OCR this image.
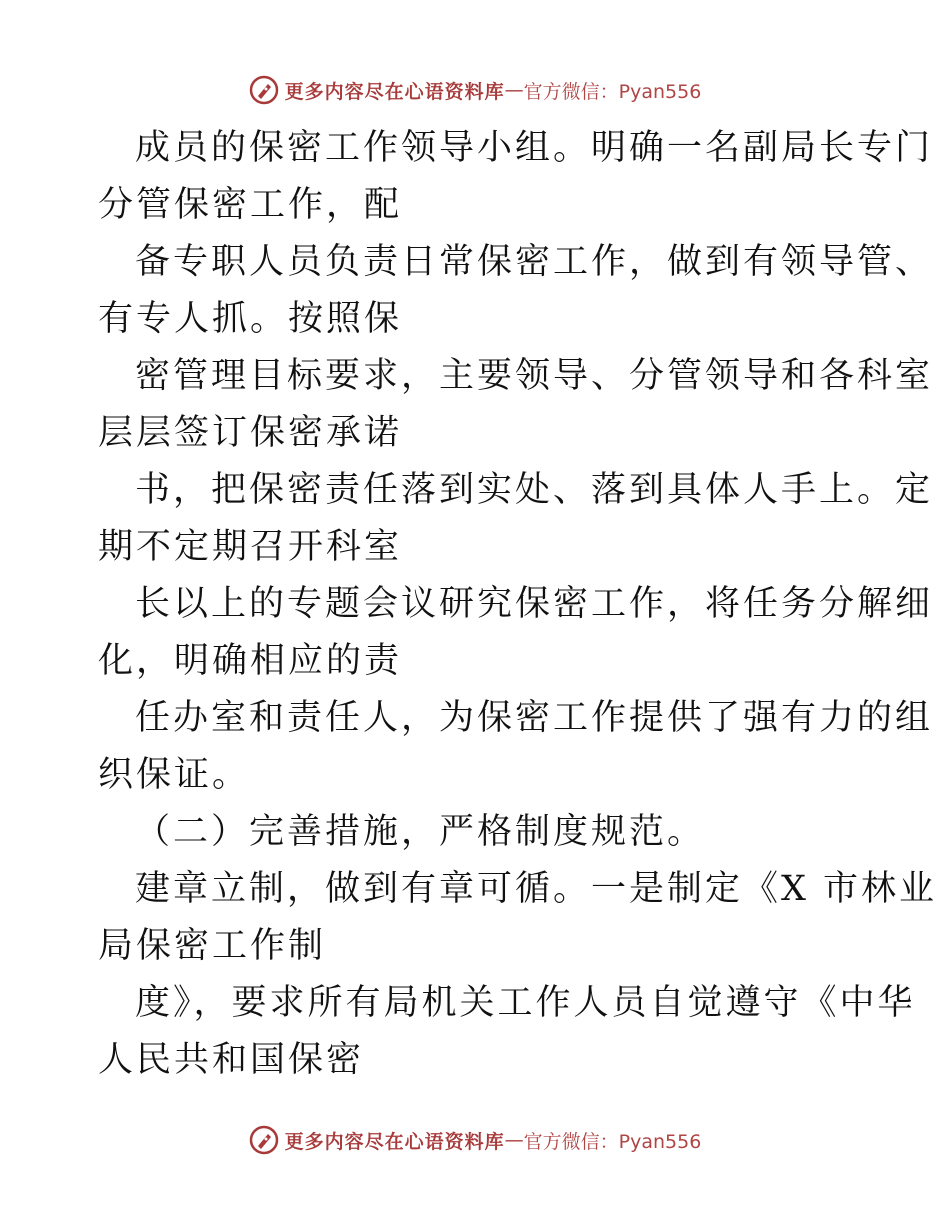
更多内容尽在心语资料库 — 官方微信：Pyan556
成员的保密工作领导小组。明确一名副局长专门
分管保密工作，配
备专职人员负责日常保密工作，做到有领导管、
有专人抓。按照保
密管理目标要求，主要领导、分管领导和各科室
层层签订保密承诺
书，把保密责任落到实处、落到具体人手上。定
期不定期召开科室
长以上的专题会议研究保密工作，将任务分解细
化，明确相应的责
任办室和责任人，为保密工作提供了强有力的组
织保证。
（二）完善措施，严格制度规范。
建章立制，做到有章可循。一是制定《X 市林业
局保密工作制
度》，要求所有局机关工作人员自觉遵守《中华
人民共和国保密
更多内容尽在心语资料库 — 官方微信：Pyan556
